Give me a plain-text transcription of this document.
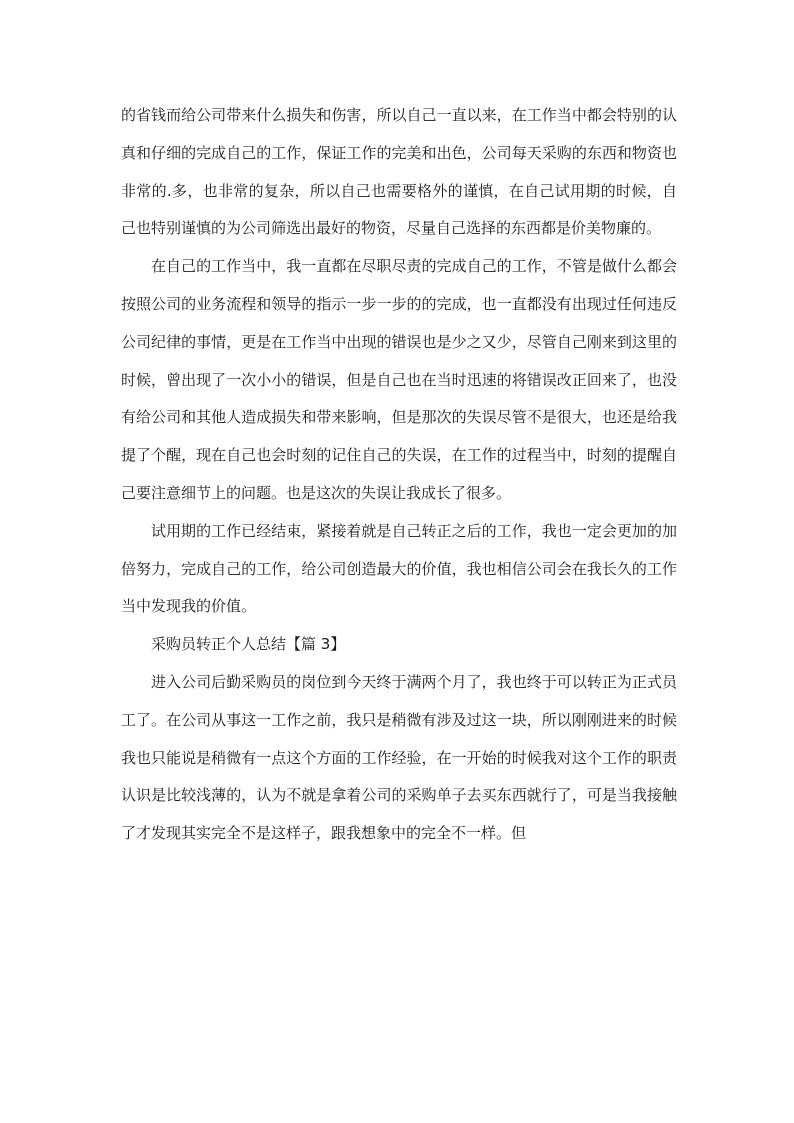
的省钱而给公司带来什么损失和伤害，所以自己一直以来，在工作当中都会特别的认真和仔细的完成自己的工作，保证工作的完美和出色，公司每天采购的东西和物资也非常的.多，也非常的复杂，所以自己也需要格外的谨慎，在自己试用期的时候，自己也特别谨慎的为公司筛选出最好的物资，尽量自己选择的东西都是价美物廉的。

在自己的工作当中，我一直都在尽职尽责的完成自己的工作，不管是做什么都会按照公司的业务流程和领导的指示一步一步的的完成，也一直都没有出现过任何违反公司纪律的事情，更是在工作当中出现的错误也是少之又少，尽管自己刚来到这里的时候，曾出现了一次小小的错误，但是自己也在当时迅速的将错误改正回来了，也没有给公司和其他人造成损失和带来影响，但是那次的失误尽管不是很大，也还是给我提了个醒，现在自己也会时刻的记住自己的失误，在工作的过程当中，时刻的提醒自己要注意细节上的问题。也是这次的失误让我成长了很多。

试用期的工作已经结束，紧接着就是自己转正之后的工作，我也一定会更加的加倍努力，完成自己的工作，给公司创造最大的价值，我也相信公司会在我长久的工作当中发现我的价值。

采购员转正个人总结【篇 3】

进入公司后勤采购员的岗位到今天终于满两个月了，我也终于可以转正为正式员工了。在公司从事这一工作之前，我只是稍微有涉及过这一块，所以刚刚进来的时候我也只能说是稍微有一点这个方面的工作经验，在一开始的时候我对这个工作的职责认识是比较浅薄的，认为不就是拿着公司的采购单子去买东西就行了，可是当我接触了才发现其实完全不是这样子，跟我想象中的完全不一样。但
